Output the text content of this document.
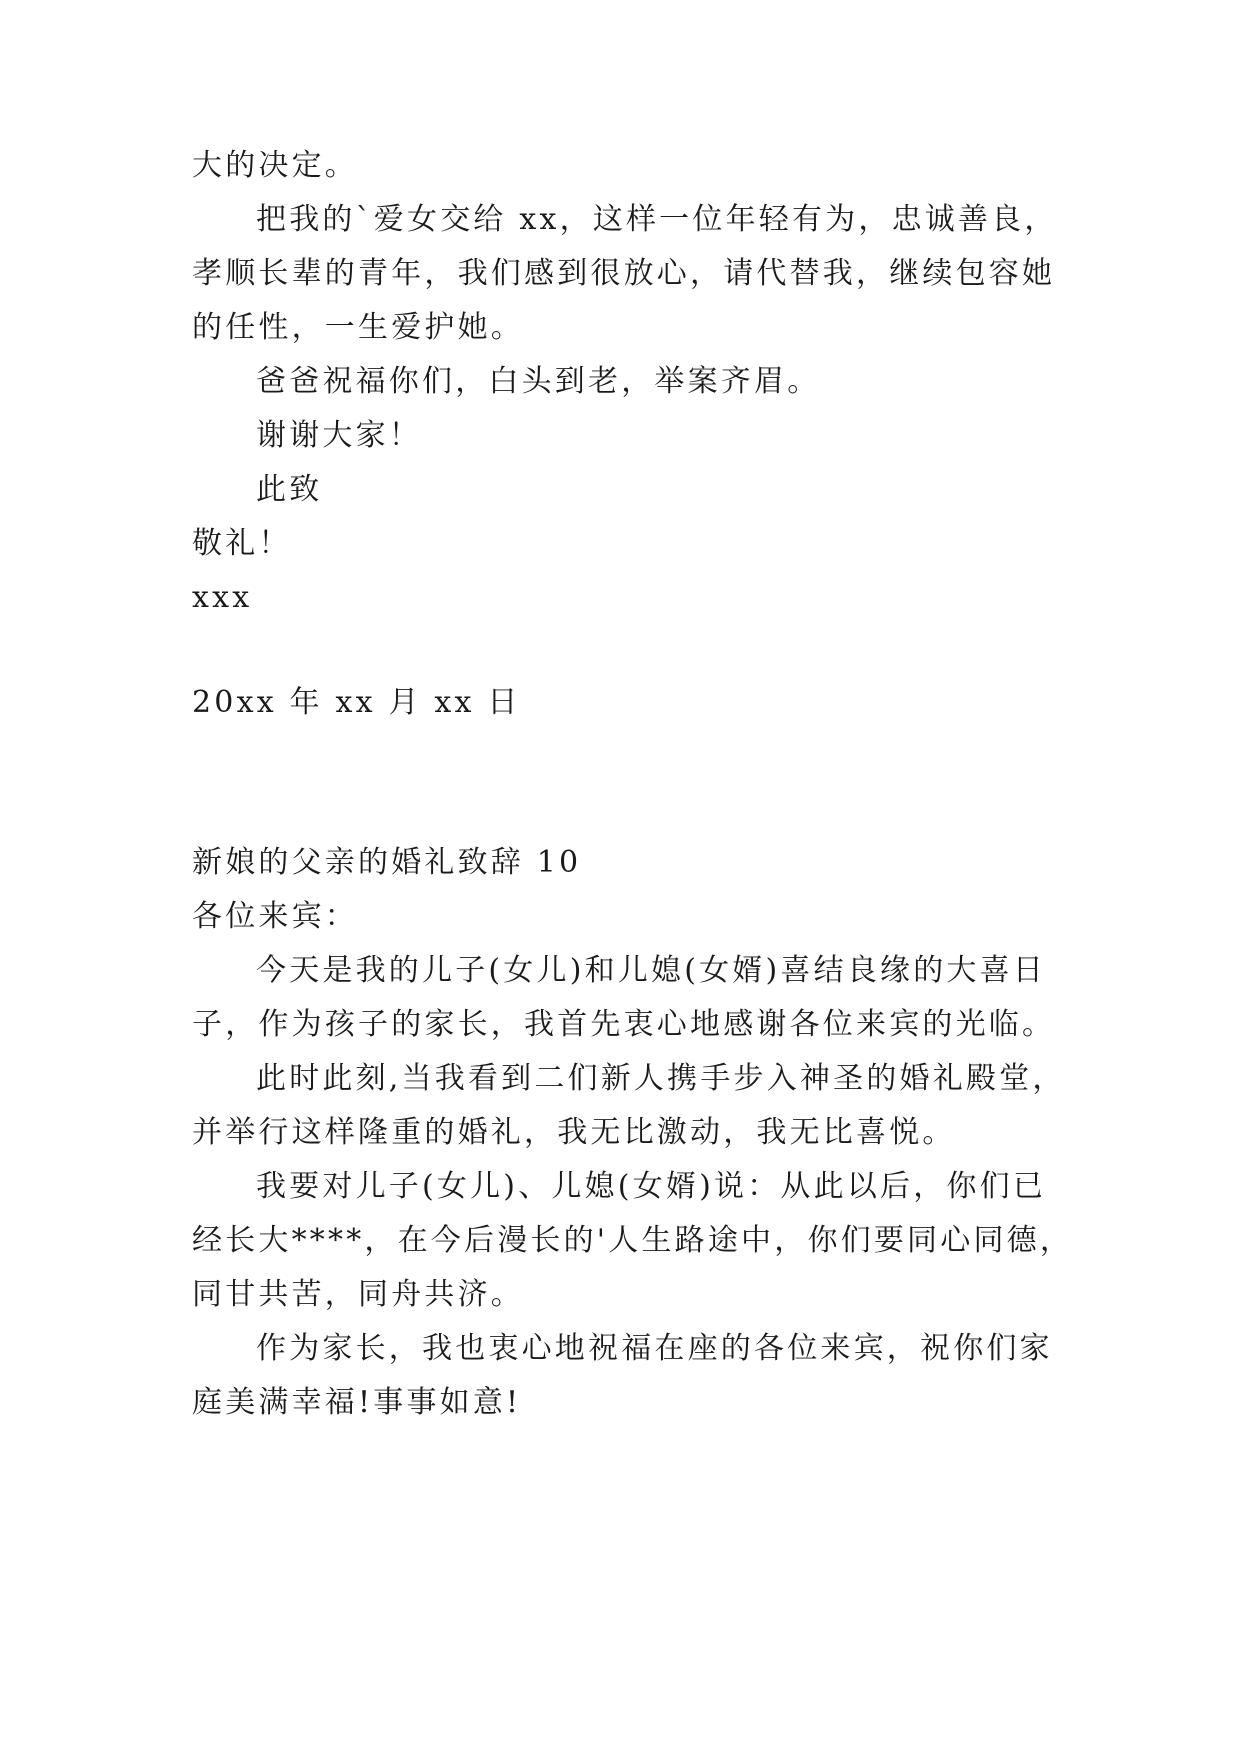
大的决定。
把我的`爱女交给 xx，这样一位年轻有为，忠诚善良，
孝顺长辈的青年，我们感到很放心，请代替我，继续包容她
的任性，一生爱护她。
爸爸祝福你们，白头到老，举案齐眉。
谢谢大家！
此致
敬礼！
xxx
20xx 年 xx 月 xx 日
新娘的父亲的婚礼致辞 10
各位来宾：
今天是我的儿子(女儿)和儿媳(女婿)喜结良缘的大喜日
子，作为孩子的家长，我首先衷心地感谢各位来宾的光临。
此时此刻,当我看到二们新人携手步入神圣的婚礼殿堂，
并举行这样隆重的婚礼，我无比激动，我无比喜悦。
我要对儿子(女儿)、儿媳(女婿)说：从此以后，你们已
经长大****，在今后漫长的'人生路途中，你们要同心同德，
同甘共苦，同舟共济。
作为家长，我也衷心地祝福在座的各位来宾，祝你们家
庭美满幸福!事事如意!
